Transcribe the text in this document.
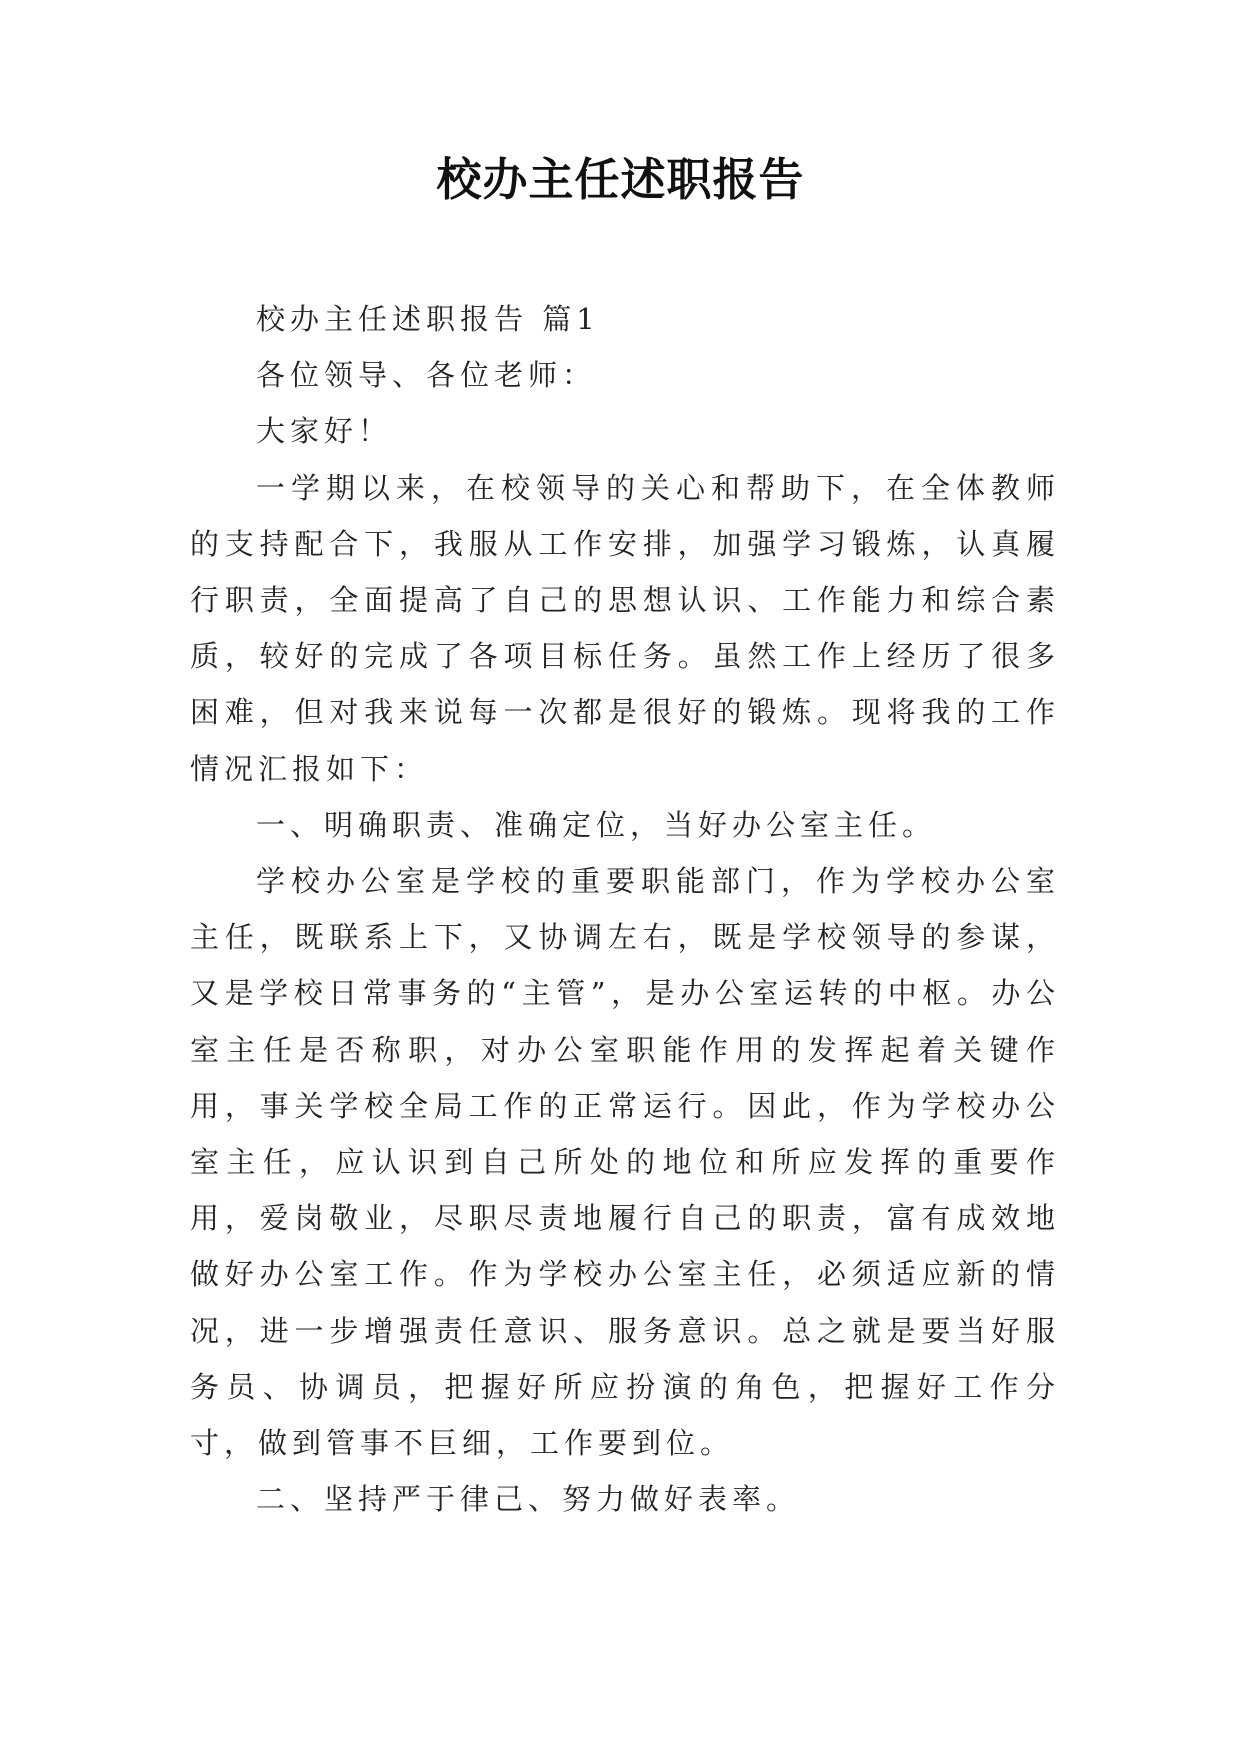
校办主任述职报告

校办主任述职报告 篇1

各位领导、各位老师：

大家好！

一学期以来，在校领导的关心和帮助下，在全体教师的支持配合下，我服从工作安排，加强学习锻炼，认真履行职责，全面提高了自己的思想认识、工作能力和综合素质，较好的完成了各项目标任务。虽然工作上经历了很多困难，但对我来说每一次都是很好的锻炼。现将我的工作情况汇报如下：

一、明确职责、准确定位，当好办公室主任。

学校办公室是学校的重要职能部门，作为学校办公室主任，既联系上下，又协调左右，既是学校领导的参谋，又是学校日常事务的“主管”，是办公室运转的中枢。办公室主任是否称职，对办公室职能作用的发挥起着关键作用，事关学校全局工作的正常运行。因此，作为学校办公室主任，应认识到自己所处的地位和所应发挥的重要作用，爱岗敬业，尽职尽责地履行自己的职责，富有成效地做好办公室工作。作为学校办公室主任，必须适应新的情况，进一步增强责任意识、服务意识。总之就是要当好服务员、协调员，把握好所应扮演的角色，把握好工作分寸，做到管事不巨细，工作要到位。

二、坚持严于律己、努力做好表率。
